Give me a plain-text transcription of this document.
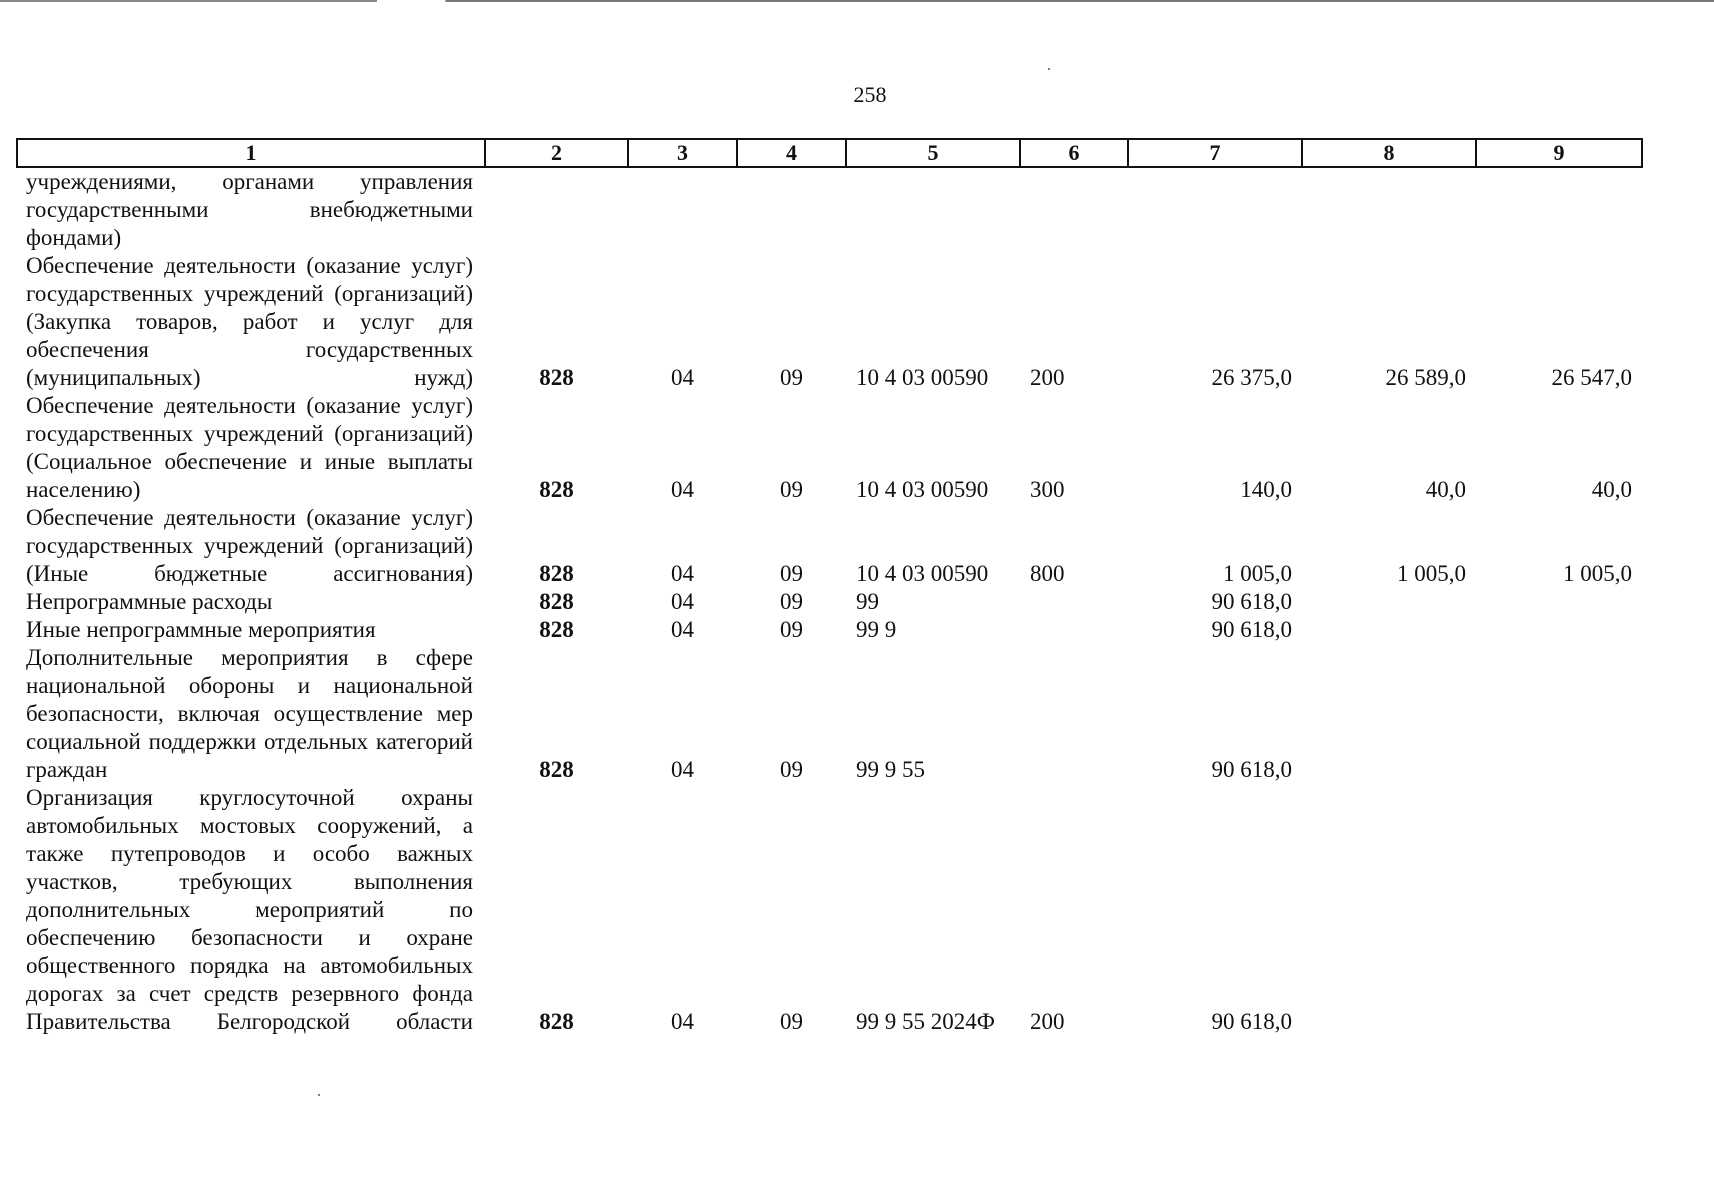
258
1	2	3	4	5	6	7	8	9
учреждениями, органами управления государственными внебюджетными фондами)								
Обеспечение деятельности (оказание услуг) государственных учреждений (организаций) (Закупка товаров, работ и услуг для обеспечения государственных (муниципальных) нужд)	828	04	09	10 4 03 00590	200	26 375,0	26 589,0	26 547,0
Обеспечение деятельности (оказание услуг) государственных учреждений (организаций) (Социальное обеспечение и иные выплаты населению)	828	04	09	10 4 03 00590	300	140,0	40,0	40,0
Обеспечение деятельности (оказание услуг) государственных учреждений (организаций) (Иные бюджетные ассигнования)	828	04	09	10 4 03 00590	800	1 005,0	1 005,0	1 005,0
Непрограммные расходы	828	04	09	99		90 618,0		
Иные непрограммные мероприятия	828	04	09	99 9		90 618,0		
Дополнительные мероприятия в сфере национальной обороны и национальной безопасности, включая осуществление мер социальной поддержки отдельных категорий граждан	828	04	09	99 9 55		90 618,0		
Организация круглосуточной охраны автомобильных мостовых сооружений, а также путепроводов и особо важных участков, требующих выполнения дополнительных мероприятий по обеспечению безопасности и охране общественного порядка на автомобильных дорогах за счет средств резервного фонда Правительства Белгородской области	828	04	09	99 9 55 2024Ф	200	90 618,0		
